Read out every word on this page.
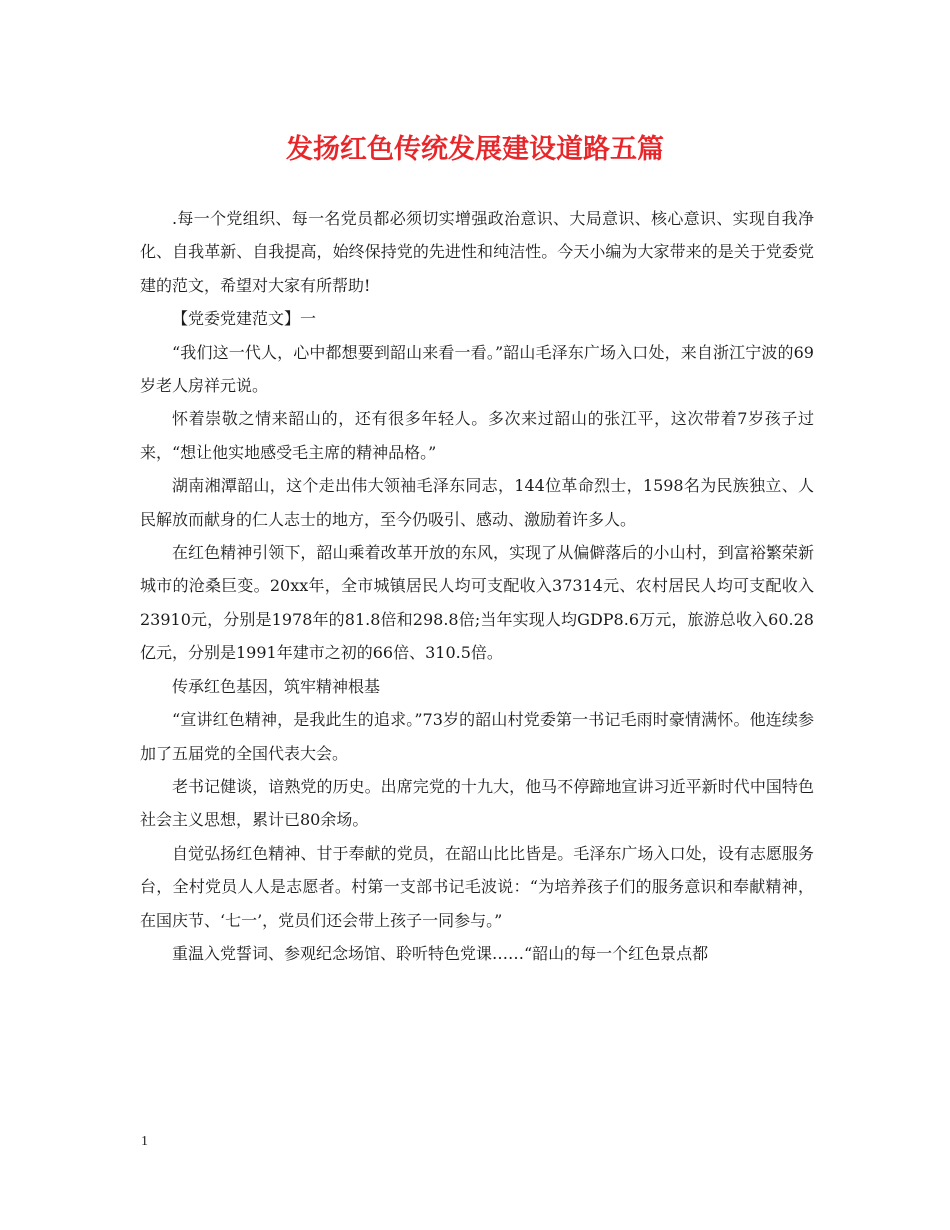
发扬红色传统发展建设道路五篇

.每一个党组织、每一名党员都必须切实增强政治意识、大局意识、核心意识、实现自我净化、自我革新、自我提高，始终保持党的先进性和纯洁性。今天小编为大家带来的是关于党委党建的范文，希望对大家有所帮助!

【党委党建范文】一

“我们这一代人，心中都想要到韶山来看一看。”韶山毛泽东广场入口处，来自浙江宁波的69岁老人房祥元说。

怀着崇敬之情来韶山的，还有很多年轻人。多次来过韶山的张江平，这次带着7岁孩子过来，“想让他实地感受毛主席的精神品格。”

湖南湘潭韶山，这个走出伟大领袖毛泽东同志，144位革命烈士，1598名为民族独立、人民解放而献身的仁人志士的地方，至今仍吸引、感动、激励着许多人。

在红色精神引领下，韶山乘着改革开放的东风，实现了从偏僻落后的小山村，到富裕繁荣新城市的沧桑巨变。20xx年，全市城镇居民人均可支配收入37314元、农村居民人均可支配收入23910元，分别是1978年的81.8倍和298.8倍;当年实现人均GDP8.6万元，旅游总收入60.28亿元，分别是1991年建市之初的66倍、310.5倍。

传承红色基因，筑牢精神根基

“宣讲红色精神，是我此生的追求。”73岁的韶山村党委第一书记毛雨时豪情满怀。他连续参加了五届党的全国代表大会。

老书记健谈，谙熟党的历史。出席完党的十九大，他马不停蹄地宣讲习近平新时代中国特色社会主义思想，累计已80余场。

自觉弘扬红色精神、甘于奉献的党员，在韶山比比皆是。毛泽东广场入口处，设有志愿服务台，全村党员人人是志愿者。村第一支部书记毛波说：“为培养孩子们的服务意识和奉献精神，在国庆节、‘七一’，党员们还会带上孩子一同参与。”

重温入党誓词、参观纪念场馆、聆听特色党课……“韶山的每一个红色景点都

1
